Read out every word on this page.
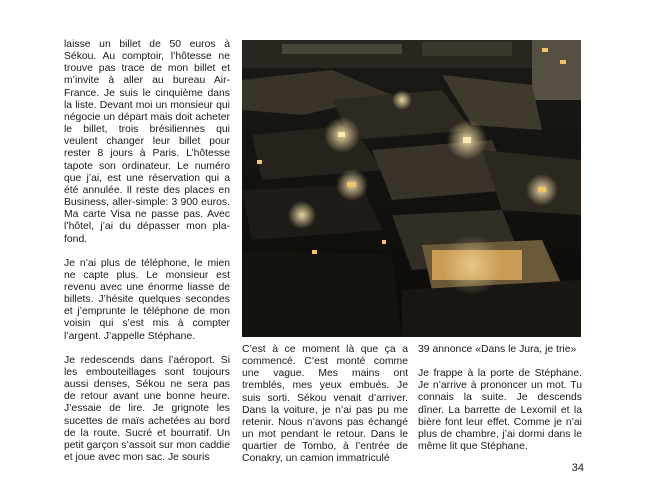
laisse un billet de 50 euros à Sékou. Au comptoir, l’hôtesse ne trouve pas trace de mon billet et m’invite à aller au bureau Air-France. Je suis le cinquième dans la liste. Devant moi un monsieur qui négocie un départ mais doit acheter le billet, trois brésiliennes qui veulent changer leur billet pour rester 8 jours à Paris. L’hôtesse tapote son ordinateur. Le numéro que j’ai, est une réservation qui a été annulée. Il reste des places en Business, aller-simple: 3 900 euros. Ma carte Visa ne passe pas. Avec l’hôtel, j’ai du dépasser mon plafond.

Je n’ai plus de téléphone, le mien ne capte plus. Le monsieur est revenu avec une énorme liasse de billets. J’hésite quelques secondes et j’emprunte le téléphone de mon voisin qui s’est mis à compter l’argent. J’appelle Stéphane.

Je redescends dans l’aéroport. Si les embouteillages sont toujours aussi denses, Sékou ne sera pas de retour avant une bonne heure. J’essaie de lire. Je grignote les sucettes de maïs achetées au bord de la route. Sucré et bourratif. Un petit garçon s’assoit sur mon caddie et joue avec mon sac. Je souris

C’est à ce moment là que ça a commencé. C’est monté comme une vague. Mes mains ont tremblés, mes yeux embués. Je suis sorti. Sékou venait d’arriver. Dans la voiture, je n’ai pas pu me retenir. Nous n’avons pas échangé un mot pendant le retour. Dans le quartier de Tombo, à l’entrée de Conakry, un camion immatriculé

39 annonce «Dans le Jura, je trie»

Je frappe à la porte de Stéphane. Je n’arrive à prononcer un mot. Tu connais la suite. Je descends dîner. La barrette de Lexomil et la bière font leur effet. Comme je n’ai plus de chambre, j’ai dormi dans le même lit que Stéphane.

34
